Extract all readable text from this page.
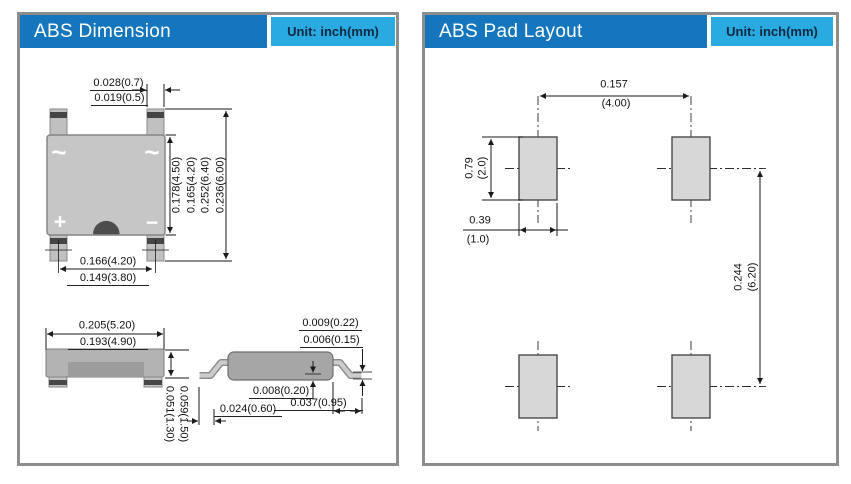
ABS Dimension	Unit: inch(mm)	ABS Pad Layout	Unit: inch(mm)
~	~
+	−
0.028(0.7)
0.019(0.5)
0.178(4.50) 0.165(4.20) 0.252(6.40) 0.236(6.00)
0.166(4.20)
0.149(3.80)
0.205(5.20)
0.193(4.90)
0.051(1.30) 0.059(1.50)
0.009(0.22)
0.006(0.15)
0.008(0.20)
0.037(0.95)
0.024(0.60)
0.157
(4.00)
0.79 (2.0)
0.39
(1.0)
0.244 (6.20)
